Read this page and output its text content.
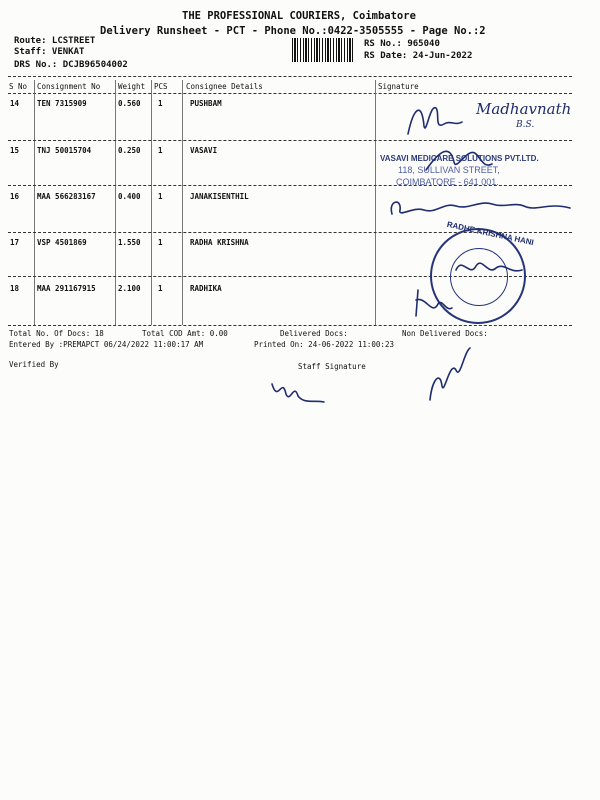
THE PROFESSIONAL COURIERS, Coimbatore
Delivery Runsheet - PCT - Phone No.:0422-3505555 - Page No.:2
Route: LCSTREET
Staff: VENKAT
DRS No.: DCJB96504002
RS No.: 965040
RS Date: 24-Jun-2022
S No Consignment No Weight PCS Consignee Details	Signature
14 TEN 7315909	0.560 1	PUSHBAM
15 TNJ 50015704	0.250 1	VASAVI
16 MAA 566283167	0.400 1	JANAKISENTHIL
17 VSP 4501869	1.550 1	RADHA KRISHNA
18 MAA 291167915	2.100 1	RADHIKA
Madhavnath
B.S.
VASAVI MEDICARE SOLUTIONS PVT.LTD.
118, SULLIVAN STREET,
COIMBATORE - 641 001.
RADHE KRISHNA HANI
Total No. Of Docs: 18	Total COD Amt: 0.00	Delivered Docs:	Non Delivered Docs:
Entered By :PREMAPCT 06/24/2022 11:00:17 AM	Printed On: 24-06-2022 11:00:23
Verified By	Staff Signature
